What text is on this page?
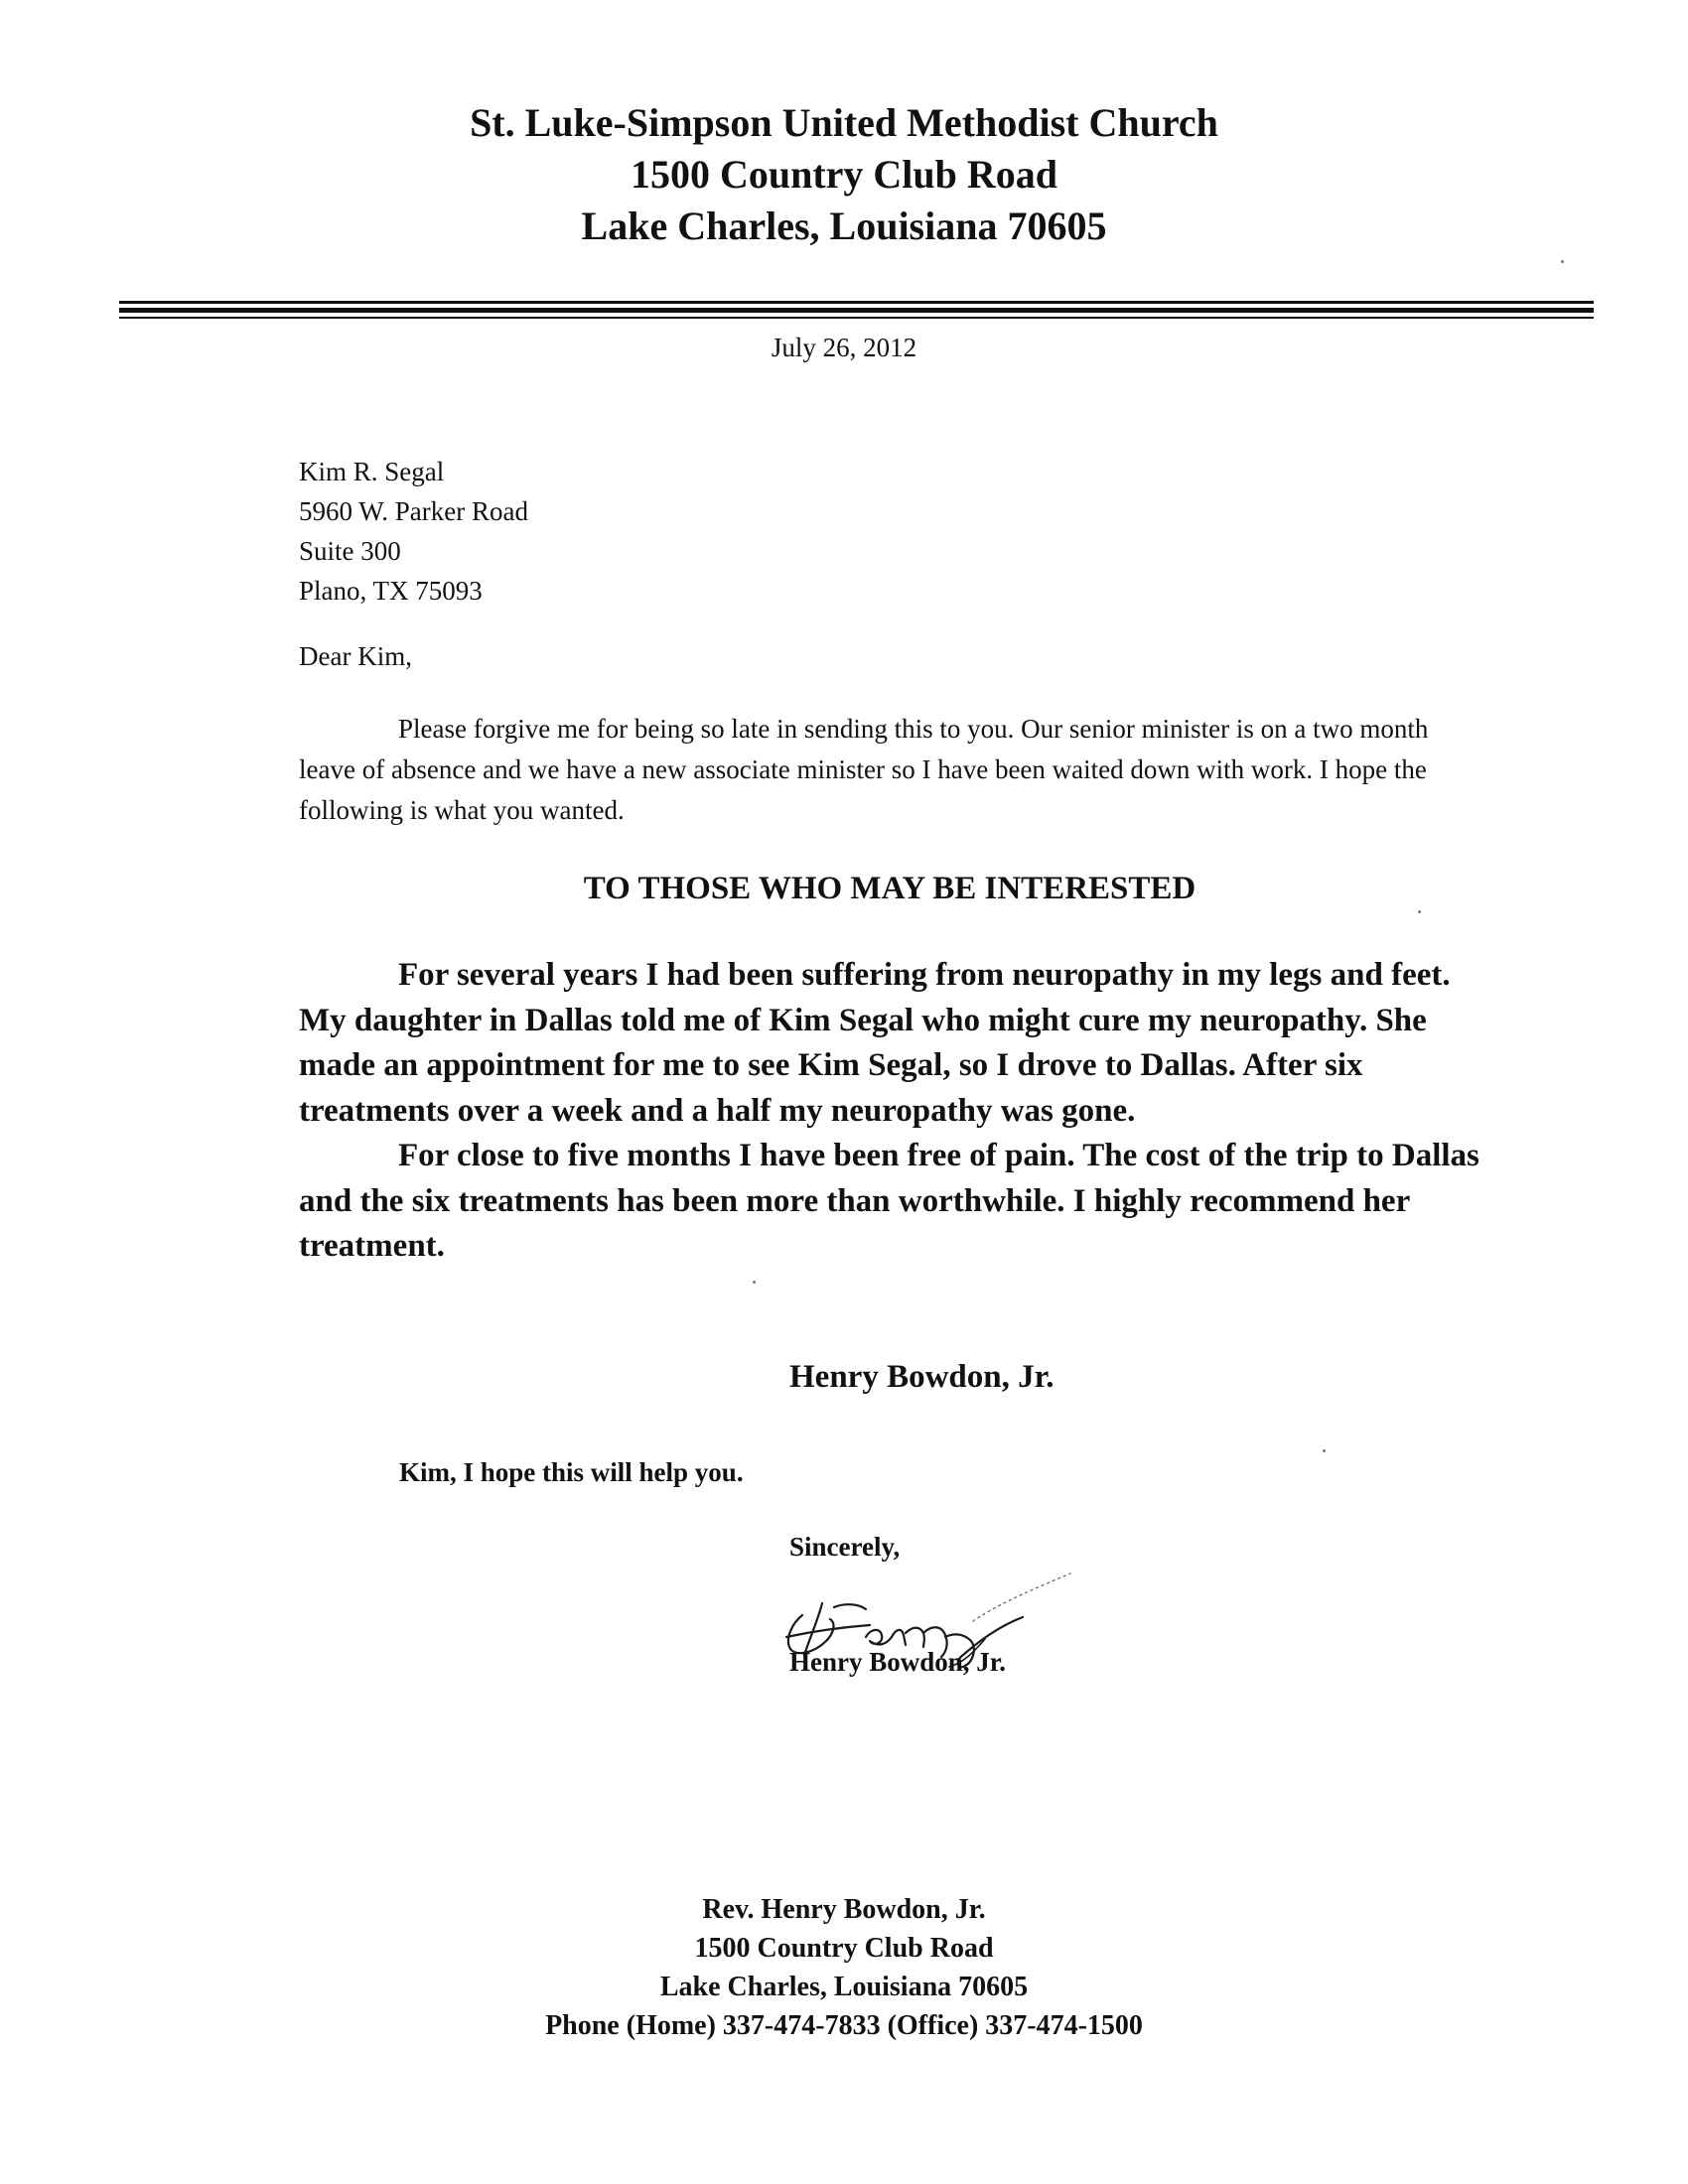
St. Luke-Simpson United Methodist Church
1500 Country Club Road
Lake Charles, Louisiana 70605
July 26, 2012
Kim R. Segal
5960 W. Parker Road
Suite 300
Plano, TX 75093
Dear Kim,

Please forgive me for being so late in sending this to you. Our senior minister is on a two month leave of absence and we have a new associate minister so I have been waited down with work. I hope the following is what you wanted.

TO THOSE WHO MAY BE INTERESTED

For several years I had been suffering from neuropathy in my legs and feet. My daughter in Dallas told me of Kim Segal who might cure my neuropathy. She made an appointment for me to see Kim Segal, so I drove to Dallas. After six treatments over a week and a half my neuropathy was gone.

For close to five months I have been free of pain. The cost of the trip to Dallas and the six treatments has been more than worthwhile. I highly recommend her treatment.

Henry Bowdon, Jr.
Kim, I hope this will help you.
Sincerely,
Henry Bowdon, Jr.
Rev. Henry Bowdon, Jr.
1500 Country Club Road
Lake Charles, Louisiana 70605
Phone (Home) 337-474-7833 (Office) 337-474-1500
